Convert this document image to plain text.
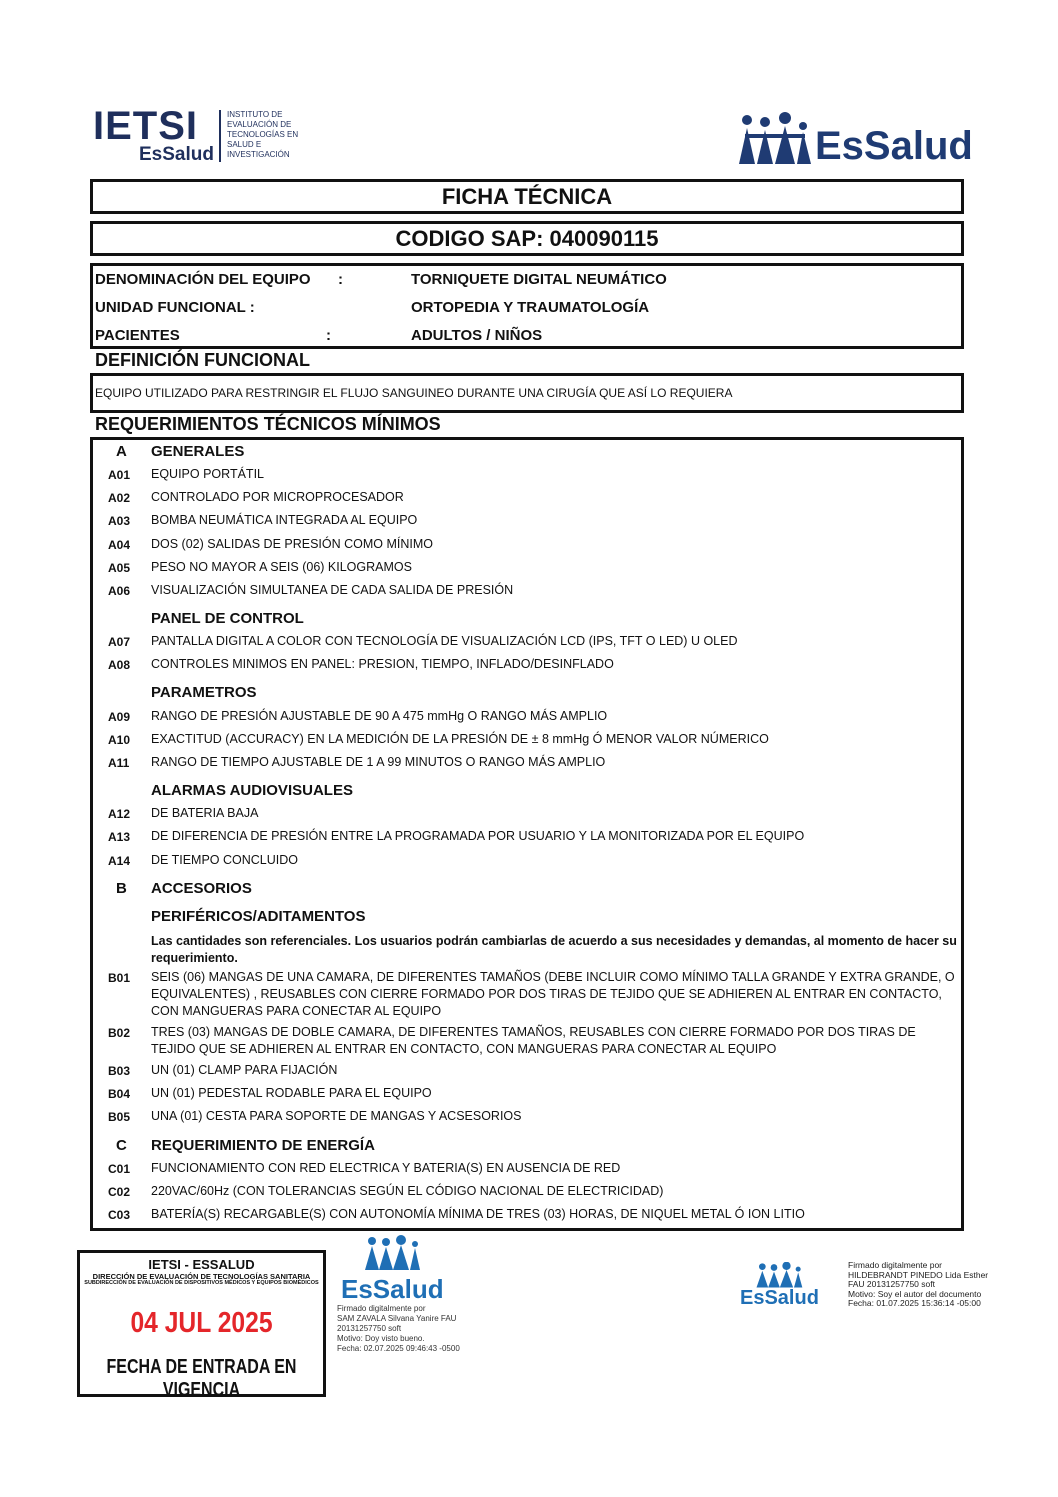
IETSI
EsSalud
INSTITUTO DE
EVALUACIÓN DE
TECNOLOGÍAS EN
SALUD E
INVESTIGACIÓN	EsSalud
FICHA TÉCNICA
CODIGO SAP: 040090115
DENOMINACIÓN DEL EQUIPO :	TORNIQUETE DIGITAL NEUMÁTICO
UNIDAD FUNCIONAL :	ORTOPEDIA Y TRAUMATOLOGÍA
PACIENTES	:	ADULTOS / NIÑOS
DEFINICIÓN FUNCIONAL
EQUIPO UTILIZADO PARA RESTRINGIR EL FLUJO SANGUINEO DURANTE UNA CIRUGÍA QUE ASÍ LO REQUIERA
REQUERIMIENTOS TÉCNICOS MÍNIMOS
A GENERALES
A01 EQUIPO PORTÁTIL
A02 CONTROLADO POR MICROPROCESADOR
A03 BOMBA NEUMÁTICA INTEGRADA AL EQUIPO
A04 DOS (02) SALIDAS DE PRESIÓN COMO MÍNIMO
A05 PESO NO MAYOR A SEIS (06) KILOGRAMOS
A06 VISUALIZACIÓN SIMULTANEA DE CADA SALIDA DE PRESIÓN
PANEL DE CONTROL
A07 PANTALLA DIGITAL A COLOR CON TECNOLOGÍA DE VISUALIZACIÓN LCD (IPS, TFT O LED) U OLED
A08 CONTROLES MINIMOS EN PANEL: PRESION, TIEMPO, INFLADO/DESINFLADO
PARAMETROS
A09 RANGO DE PRESIÓN AJUSTABLE DE 90 A 475 mmHg O RANGO MÁS AMPLIO
A10 EXACTITUD (ACCURACY) EN LA MEDICIÓN DE LA PRESIÓN DE ± 8 mmHg Ó MENOR VALOR NÚMERICO
A11 RANGO DE TIEMPO AJUSTABLE DE 1 A 99 MINUTOS O RANGO MÁS AMPLIO
ALARMAS AUDIOVISUALES
A12 DE BATERIA BAJA
A13 DE DIFERENCIA DE PRESIÓN ENTRE LA PROGRAMADA POR USUARIO Y LA MONITORIZADA POR EL EQUIPO
A14 DE TIEMPO CONCLUIDO
B ACCESORIOS
PERIFÉRICOS/ADITAMENTOS
Las cantidades son referenciales. Los usuarios podrán cambiarlas de acuerdo a sus necesidades y demandas, al momento de hacer su requerimiento.
B01 SEIS (06) MANGAS DE UNA CAMARA, DE DIFERENTES TAMAÑOS (DEBE INCLUIR COMO MÍNIMO TALLA GRANDE Y EXTRA GRANDE, O EQUIVALENTES) , REUSABLES CON CIERRE FORMADO POR DOS TIRAS DE TEJIDO QUE SE ADHIEREN AL ENTRAR EN CONTACTO, CON MANGUERAS PARA CONECTAR AL EQUIPO
B02 TRES (03) MANGAS DE DOBLE CAMARA, DE DIFERENTES TAMAÑOS, REUSABLES CON CIERRE FORMADO POR DOS TIRAS DE TEJIDO QUE SE ADHIEREN AL ENTRAR EN CONTACTO, CON MANGUERAS PARA CONECTAR AL EQUIPO
B03 UN (01) CLAMP PARA FIJACIÓN
B04 UN (01) PEDESTAL RODABLE PARA EL EQUIPO
B05 UNA (01) CESTA PARA SOPORTE DE MANGAS Y ACSESORIOS
C REQUERIMIENTO DE ENERGÍA
C01 FUNCIONAMIENTO CON RED ELECTRICA Y BATERIA(S) EN AUSENCIA DE RED
C02 220VAC/60Hz (CON TOLERANCIAS SEGÚN EL CÓDIGO NACIONAL DE ELECTRICIDAD)
C03 BATERÍA(S) RECARGABLE(S) CON AUTONOMÍA MÍNIMA DE TRES (03) HORAS, DE NIQUEL METAL Ó ION LITIO
IETSI - ESSALUD
DIRECCIÓN DE EVALUACIÓN DE TECNOLOGÍAS SANITARIA
SUBDIRECCIÓN DE EVALUACIÓN DE DISPOSITIVOS MÉDICOS Y EQUIPOS BIOMÉDICOS
04 JUL 2025
FECHA DE ENTRADA EN VIGENCIA
EsSalud
Firmado digitalmente por
SAM ZAVALA Silvana Yanire FAU
20131257750 soft
Motivo: Doy visto bueno.
Fecha: 02.07.2025 09:46:43 -0500
EsSalud
Firmado digitalmente por
HILDEBRANDT PINEDO Lida Esther
FAU 20131257750 soft
Motivo: Soy el autor del documento
Fecha: 01.07.2025 15:36:14 -05:00
